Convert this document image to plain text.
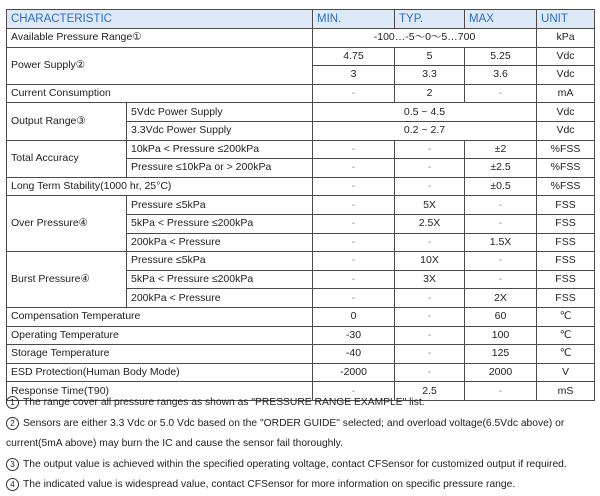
CHARACTERISTIC		MIN.	TYP.	MAX	UNIT
Available Pressure Range①		-100…-5～0～5…700			kPa
Power Supply②		4.75	5	5.25	Vdc
		3	3.3	3.6	Vdc
Current Consumption		-	2	-	mA
Output Range③	5Vdc Power Supply	0.5 ~ 4.5			Vdc
	3.3Vdc Power Supply	0.2 ~ 2.7			Vdc
Total Accuracy	10kPa < Pressure ≤200kPa	-	-	±2	%FSS
	Pressure ≤10kPa or > 200kPa	-	-	±2.5	%FSS
Long Term Stability(1000 hr, 25°C)		-	-	±0.5	%FSS
Over Pressure④	Pressure ≤5kPa	-	5X	-	FSS
	5kPa < Pressure ≤200kPa	-	2.5X	-	FSS
	200kPa < Pressure	-	-	1.5X	FSS
Burst Pressure④	Pressure ≤5kPa	-	10X	-	FSS
	5kPa < Pressure ≤200kPa	-	3X	-	FSS
	200kPa < Pressure	-	-	2X	FSS
Compensation Temperature		0	-	60	℃
Operating Temperature		-30	-	100	℃
Storage Temperature		-40	-	125	℃
ESD Protection(Human Body Mode)		-2000	-	2000	V
Response Time(T90)		-	2.5	-	mS

1 The range cover all pressure ranges as shown as "PRESSURE RANGE EXAMPLE" list.

2 Sensors are either 3.3 Vdc or 5.0 Vdc based on the "ORDER GUIDE" selected; and overload voltage(6.5Vdc above) or

current(5mA above) may burn the IC and cause the sensor fail thoroughly.

3 The output value is achieved within the specified operating voltage, contact CFSensor for customized output if required.

4 The indicated value is widespread value, contact CFSensor for more information on specific pressure range.
